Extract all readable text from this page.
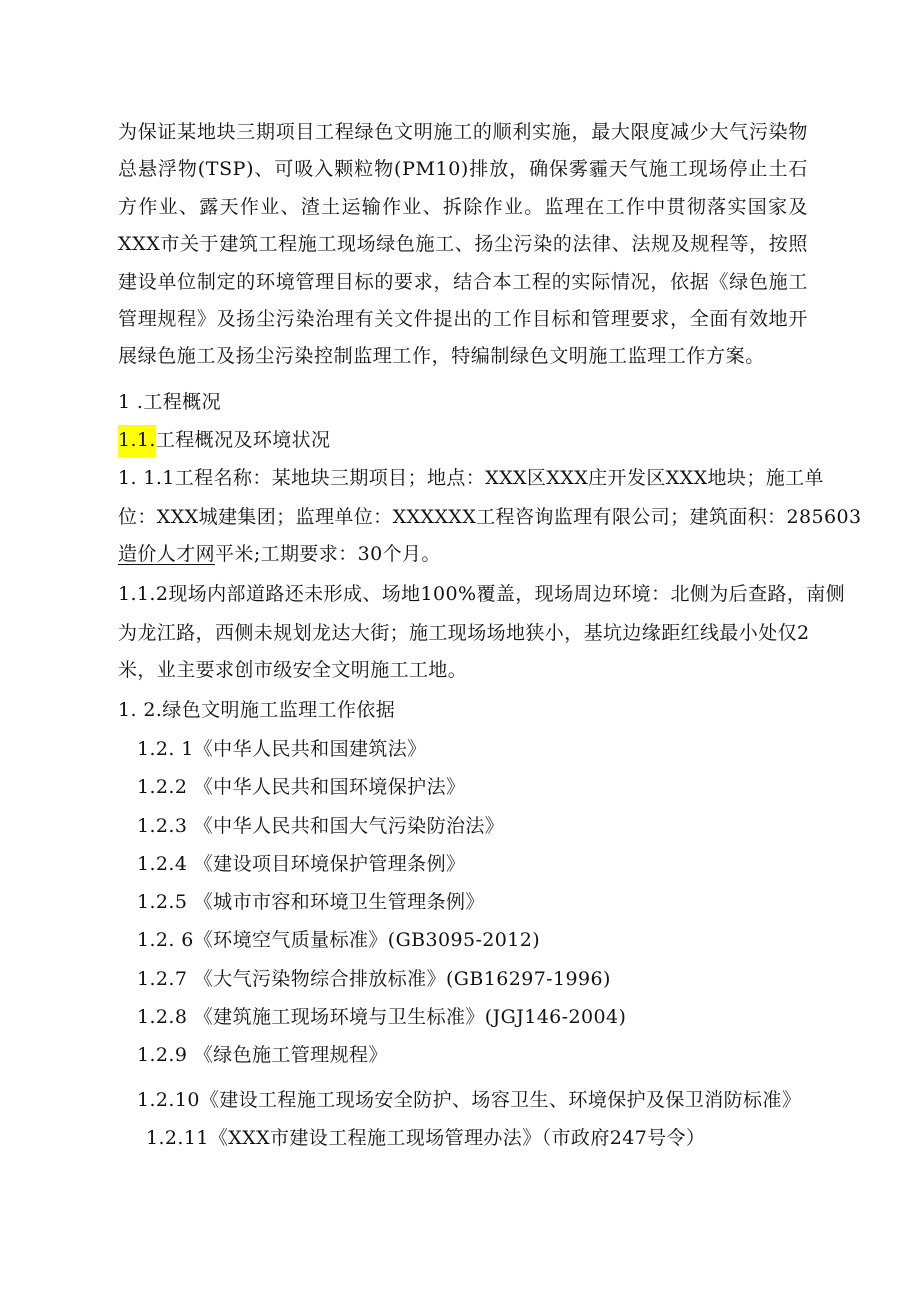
为保证某地块三期项目工程绿色文明施工的顺利实施，最大限度减少大气污染物总悬浮物(TSP)、可吸入颗粒物(PM10)排放，确保雾霾天气施工现场停止土石方作业、露天作业、渣土运输作业、拆除作业。监理在工作中贯彻落实国家及XXX市关于建筑工程施工现场绿色施工、扬尘污染的法律、法规及规程等，按照建设单位制定的环境管理目标的要求，结合本工程的实际情况，依据《绿色施工管理规程》及扬尘污染治理有关文件提出的工作目标和管理要求，全面有效地开展绿色施工及扬尘污染控制监理工作，特编制绿色文明施工监理工作方案。

1 .工程概况
1.1.工程概况及环境状况
1. 1.1工程名称：某地块三期项目；地点：XXX区XXX庄开发区XXX地块；施工单
位：XXX城建集团；监理单位：XXXXXX工程咨询监理有限公司；建筑面积：285603
造价人才网平米;工期要求：30个月。
1.1.2现场内部道路还未形成、场地100%覆盖，现场周边环境：北侧为后查路，南侧
为龙江路，西侧未规划龙达大街；施工现场场地狭小，基坑边缘距红线最小处仅2
米，业主要求创市级安全文明施工工地。
1. 2.绿色文明施工监理工作依据
1.2. 1《中华人民共和国建筑法》
1.2.2 《中华人民共和国环境保护法》
1.2.3 《中华人民共和国大气污染防治法》
1.2.4 《建设项目环境保护管理条例》
1.2.5 《城市市容和环境卫生管理条例》
1.2. 6《环境空气质量标准》(GB3095-2012)
1.2.7 《大气污染物综合排放标准》(GB16297-1996)
1.2.8 《建筑施工现场环境与卫生标准》(JGJ146-2004)
1.2.9 《绿色施工管理规程》
1.2.10《建设工程施工现场安全防护、场容卫生、环境保护及保卫消防标准》
1.2.11《XXX市建设工程施工现场管理办法》（市政府247号令）
